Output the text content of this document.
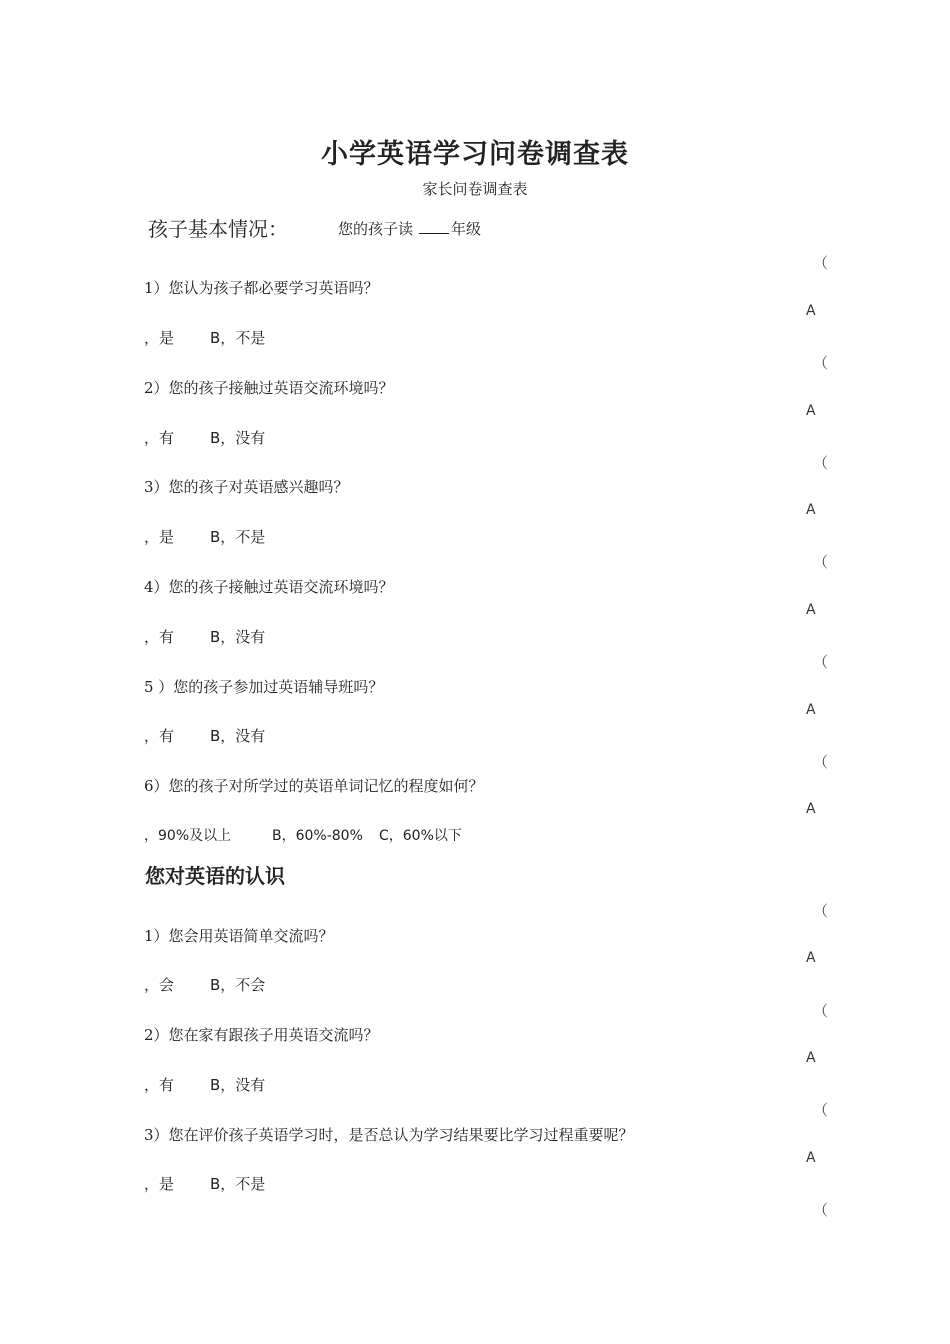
小学英语学习问卷调查表
家长问卷调查表
孩子基本情况：	您的孩子读	年级
（
1）您认为孩子都必要学习英语吗？
A
，是 B，不是
（
2）您的孩子接触过英语交流环境吗？
A
，有 B，没有
（
3）您的孩子对英语感兴趣吗？
A
，是 B，不是
（
4）您的孩子接触过英语交流环境吗？
A
，有 B，没有
（
5 ）您的孩子参加过英语辅导班吗？
A
，有 B，没有
（
6）您的孩子对所学过的英语单词记忆的程度如何？
A
，90%及以上	B，60%-80% C，60%以下
您对英语的认识
（
1）您会用英语简单交流吗？
A
，会 B，不会
（
2）您在家有跟孩子用英语交流吗？
A
，有 B，没有
（
3）您在评价孩子英语学习时，是否总认为学习结果要比学习过程重要呢？
A
，是 B，不是
（
